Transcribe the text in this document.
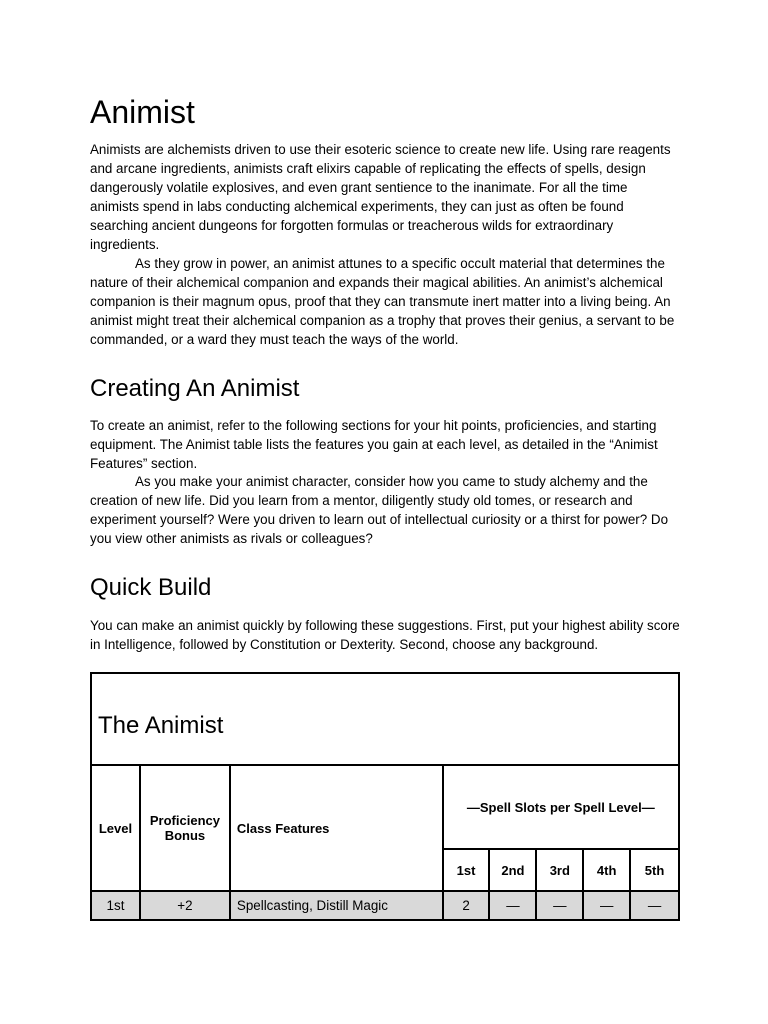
Animist

Animists are alchemists driven to use their esoteric science to create new life. Using rare reagents and arcane ingredients, animists craft elixirs capable of replicating the effects of spells, design dangerously volatile explosives, and even grant sentience to the inanimate. For all the time animists spend in labs conducting alchemical experiments, they can just as often be found searching ancient dungeons for forgotten formulas or treacherous wilds for extraordinary ingredients.

As they grow in power, an animist attunes to a specific occult material that determines the nature of their alchemical companion and expands their magical abilities. An animist’s alchemical companion is their magnum opus, proof that they can transmute inert matter into a living being. An animist might treat their alchemical companion as a trophy that proves their genius, a servant to be commanded, or a ward they must teach the ways of the world.

Creating An Animist

To create an animist, refer to the following sections for your hit points, proficiencies, and starting equipment. The Animist table lists the features you gain at each level, as detailed in the “Animist Features” section.

As you make your animist character, consider how you came to study alchemy and the creation of new life. Did you learn from a mentor, diligently study old tomes, or research and experiment yourself? Were you driven to learn out of intellectual curiosity or a thirst for power? Do you view other animists as rivals or colleagues?

Quick Build

You can make an animist quickly by following these suggestions. First, put your highest ability score in Intelligence, followed by Constitution or Dexterity. Second, choose any background.

The Animist							
Level	Proficiency Bonus	Class Features	—Spell Slots per Spell Level—				
			1st	2nd	3rd	4th	5th
1st	+2	Spellcasting, Distill Magic	2	—	—	—	—
